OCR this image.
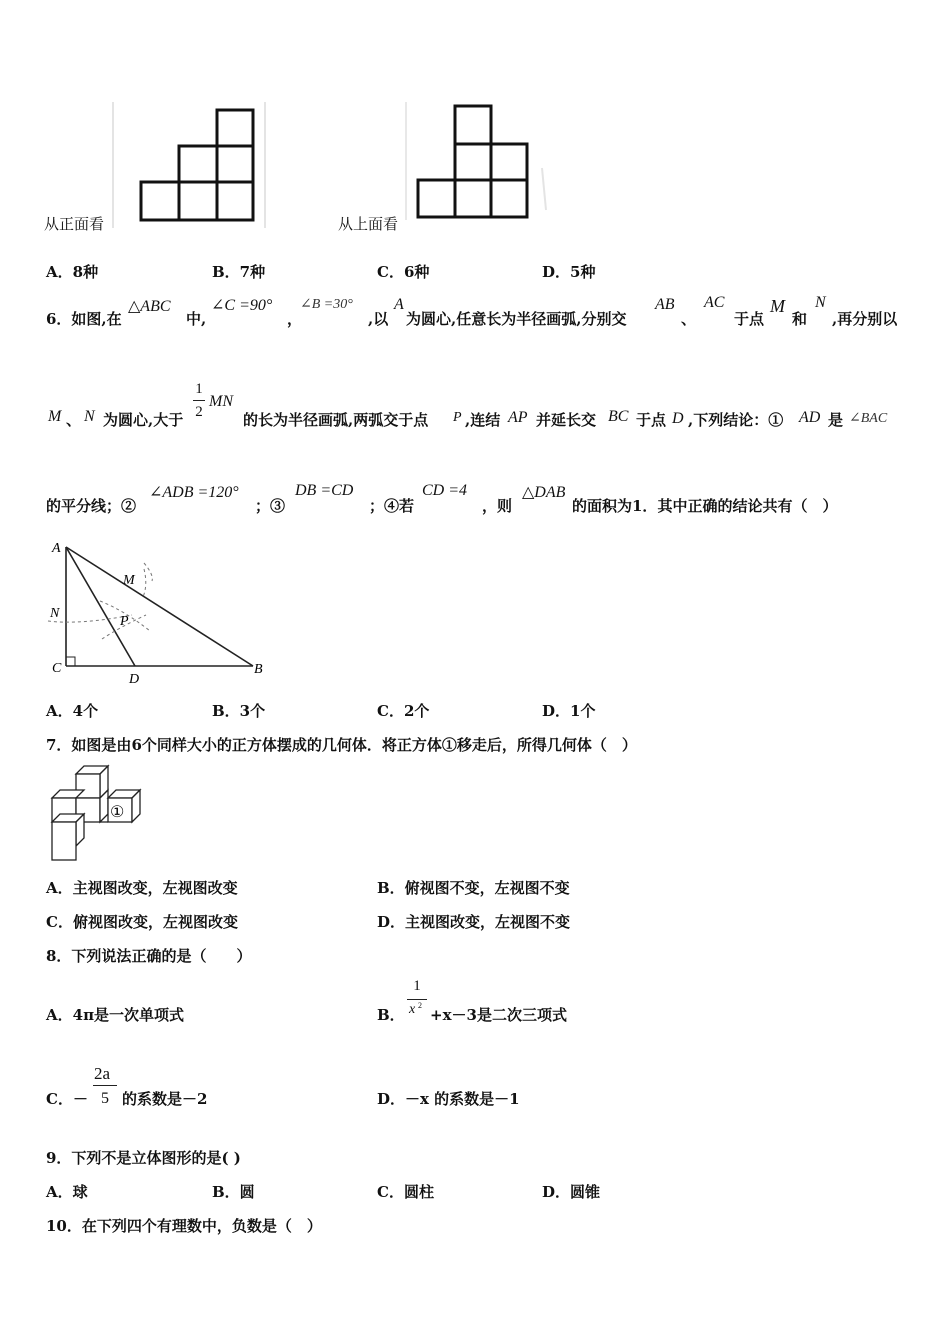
从正面看	从上面看
A．8种	B．7种	C．6种	D．5种
6．如图,在
△ABC
中,
∠C =90°
，
∠B =30°
,以
A
为圆心,任意长为半径画弧,分别交
AB
、
AC
于点
M
和
N
,再分别以
M 、 N 为圆心,大于
1
2
MN
的长为半径画弧,两弧交于点 P ,连结 AP 并延长交 BC 于点 D ,下列结论：① AD 是 ∠BAC
的平分线；②
∠ADB =120°
；③
DB =CD
；④若
CD =4
，则
△DAB
的面积为1．其中正确的结论共有（　）
A
M
N
P
C
D
B
A．4个	B．3个	C．2个	D．1个
7．如图是由6个同样大小的正方体摆成的几何体．将正方体①移走后，所得几何体（　）
①
A．主视图改变，左视图改变	B．俯视图不变，左视图不变
C．俯视图改变，左视图改变	D．主视图改变，左视图不变
8．下列说法正确的是（　　）
A．4π是一次单项式	B．
1
x 2
+x－3是二次三项式
C．－
2a
5 的系数是－2	D．－x 的系数是－1
9．下列不是立体图形的是( )
A．球	B．圆	C．圆柱	D．圆锥
10．在下列四个有理数中，负数是（　）
